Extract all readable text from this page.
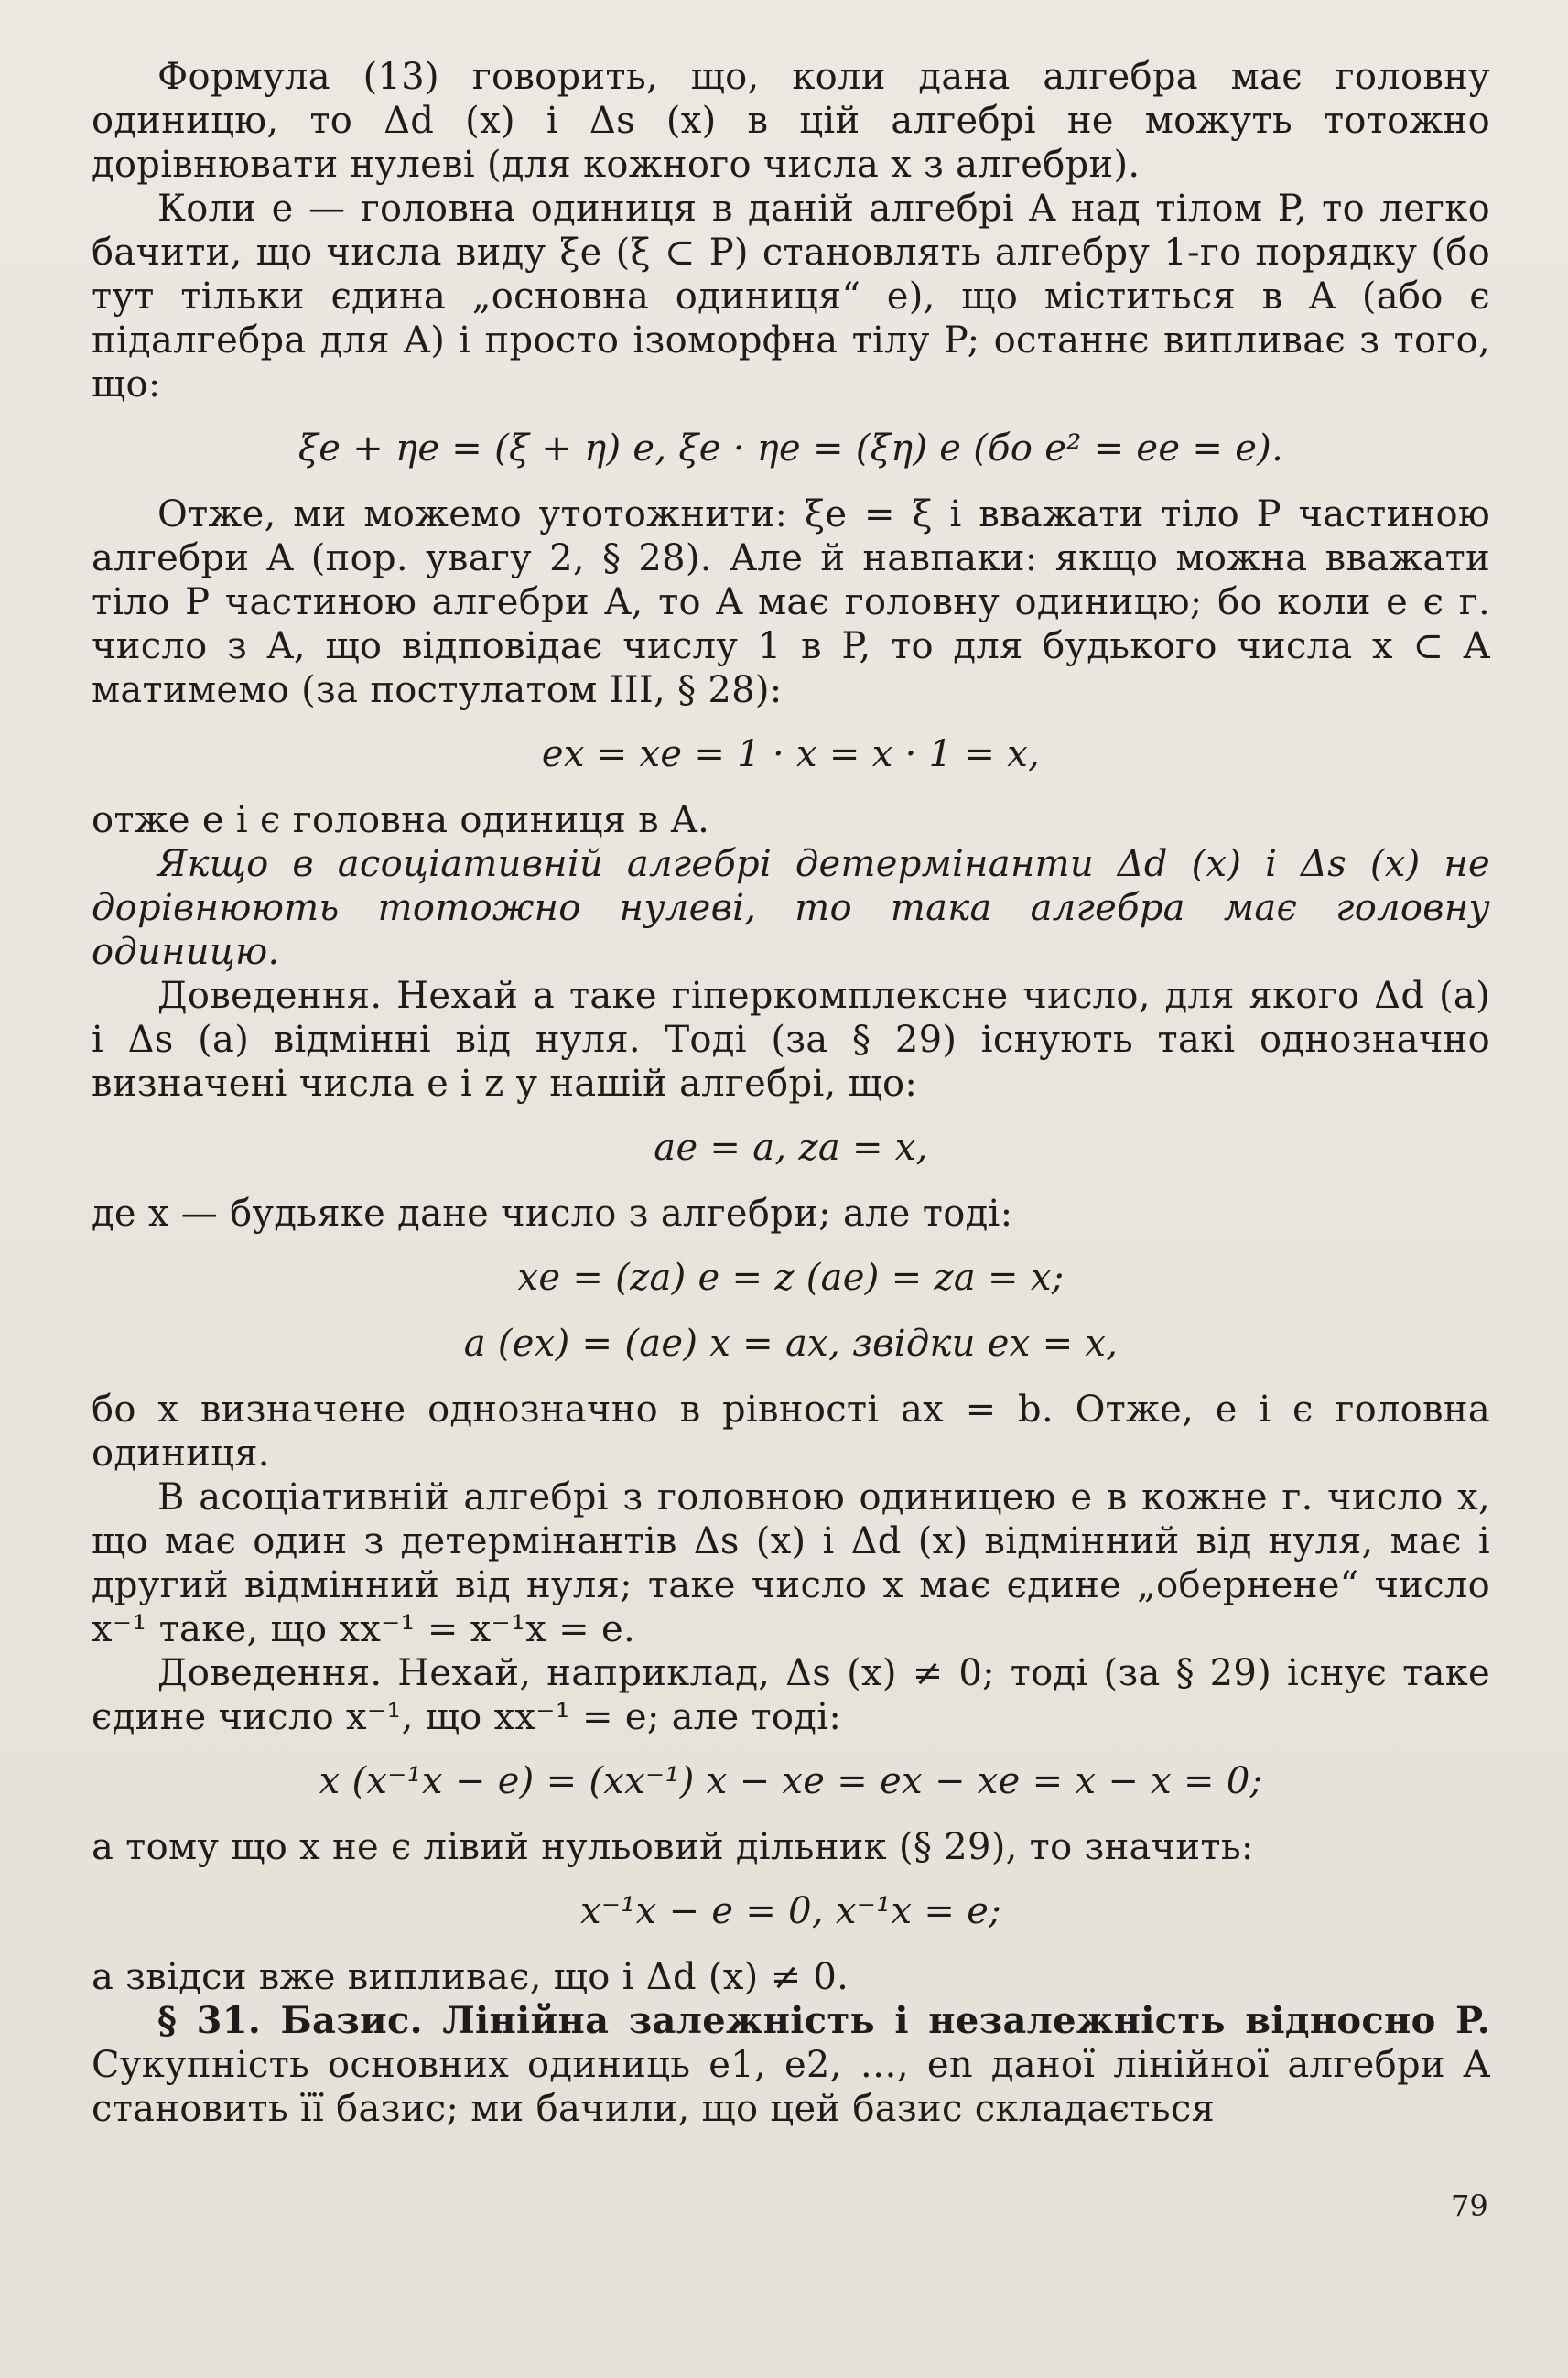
Формула (13) говорить, що, коли дана алгебра має головну одиницю, то Δd (x) і Δs (x) в цій алгебрі не можуть тотожно дорівнювати нулеві (для кожного числа x з алгебри).

Коли e — головна одиниця в даній алгебрі A над тілом P, то легко бачити, що числа виду ξe (ξ ⊂ P) становлять алгебру 1-го порядку (бо тут тільки єдина „основна одиниця“ e), що міститься в A (або є підалгебра для A) і просто ізоморфна тілу P; останнє випливає з того, що:

ξe + ηe = (ξ + η) e, ξe · ηe = (ξη) e (бо e² = ee = e).

Отже, ми можемо утотожнити: ξe = ξ і вважати тіло P частиною алгебри A (пор. увагу 2, § 28). Але й навпаки: якщо можна вважати тіло P частиною алгебри A, то A має головну одиницю; бо коли e є г. число з A, що відповідає числу 1 в P, то для будького числа x ⊂ A матимемо (за постулатом III, § 28):

ex = xe = 1 · x = x · 1 = x,

отже e і є головна одиниця в A.

Якщо в асоціативній алгебрі детермінанти Δd (x) і Δs (x) не дорівнюють тотожно нулеві, то така алгебра має головну одиницю.

Доведення. Нехай a таке гіперкомплексне число, для якого Δd (a) і Δs (a) відмінні від нуля. Тоді (за § 29) існують такі однозначно визначені числа e і z у нашій алгебрі, що:

ae = a, za = x,

де x — будьяке дане число з алгебри; але тоді:

xe = (za) e = z (ae) = za = x;

a (ex) = (ae) x = ax, звідки ex = x,

бо x визначене однозначно в рівності ax = b. Отже, e і є головна одиниця.

В асоціативній алгебрі з головною одиницею e в кожне г. число x, що має один з детермінантів Δs (x) і Δd (x) відмінний від нуля, має і другий відмінний від нуля; таке число x має єдине „обернене“ число x⁻¹ таке, що xx⁻¹ = x⁻¹x = e.

Доведення. Нехай, наприклад, Δs (x) ≠ 0; тоді (за § 29) існує таке єдине число x⁻¹, що xx⁻¹ = e; але тоді:

x (x⁻¹x − e) = (xx⁻¹) x − xe = ex − xe = x − x = 0;

а тому що x не є лівий нульовий дільник (§ 29), то значить:

x⁻¹x − e = 0, x⁻¹x = e;

а звідси вже випливає, що і Δd (x) ≠ 0.

§ 31. Базис. Лінійна залежність і незалежність відносно P. Сукупність основних одиниць e1, e2, …, en даної лінійної алгебри A становить її базис; ми бачили, що цей базис складається

79
